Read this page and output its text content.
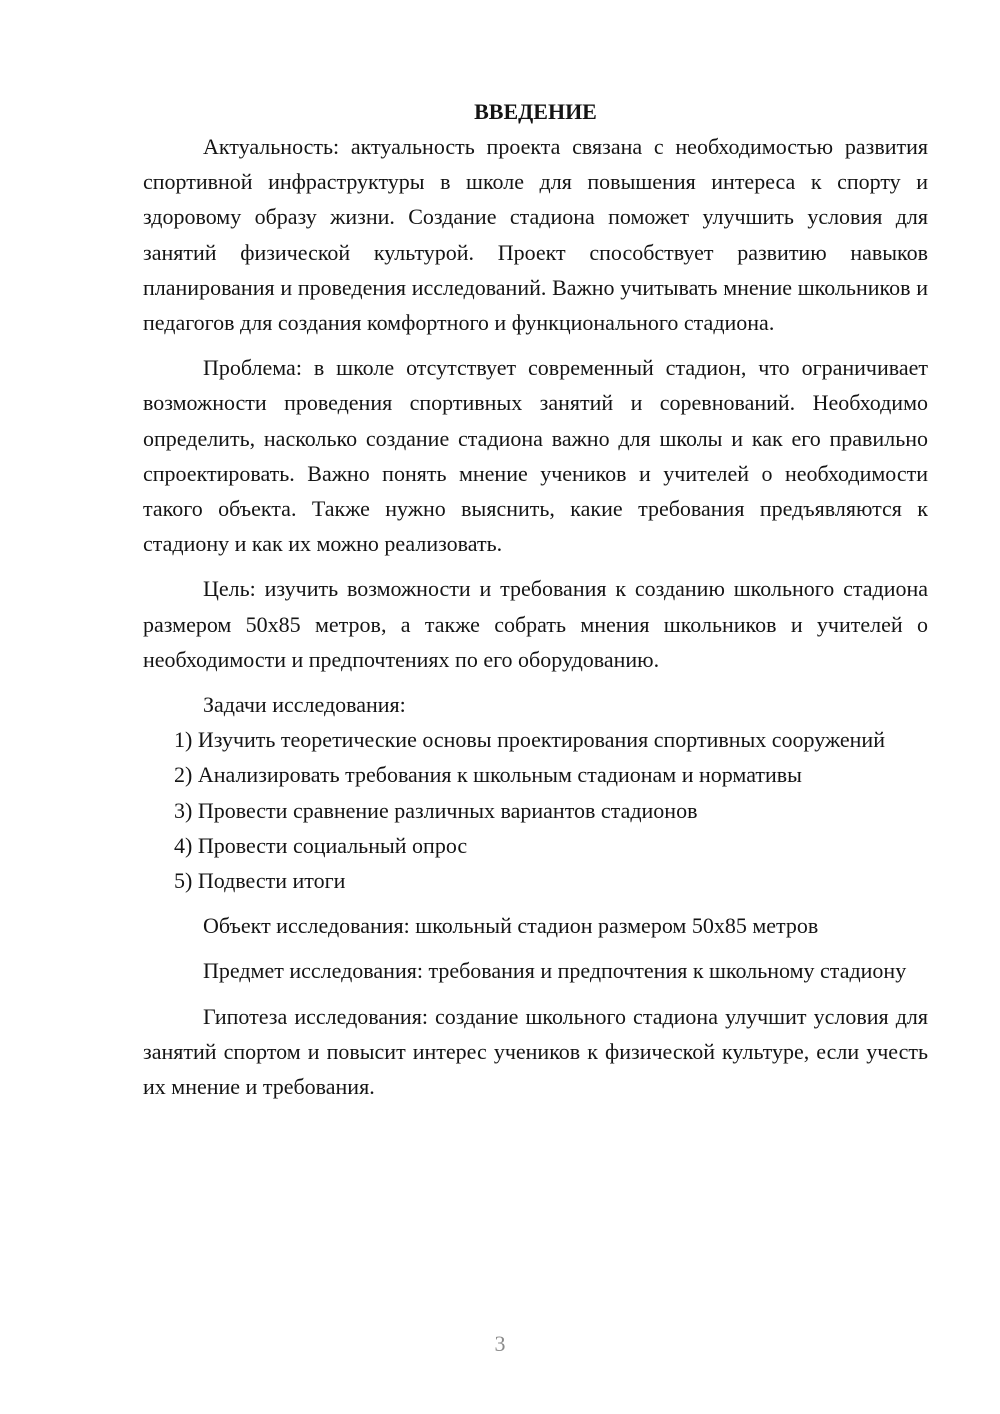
ВВЕДЕНИЕ

Актуальность: актуальность проекта связана с необходимостью развития спортивной инфраструктуры в школе для повышения интереса к спорту и здоровому образу жизни. Создание стадиона поможет улучшить условия для занятий физической культурой. Проект способствует развитию навыков планирования и проведения исследований. Важно учитывать мнение школьников и педагогов для создания комфортного и функционального стадиона.

Проблема: в школе отсутствует современный стадион, что ограничивает возможности проведения спортивных занятий и соревнований. Необходимо определить, насколько создание стадиона важно для школы и как его правильно спроектировать. Важно понять мнение учеников и учителей о необходимости такого объекта. Также нужно выяснить, какие требования предъявляются к стадиону и как их можно реализовать.

Цель: изучить возможности и требования к созданию школьного стадиона размером 50х85 метров, а также собрать мнения школьников и учителей о необходимости и предпочтениях по его оборудованию.

Задачи исследования:

1) Изучить теоретические основы проектирования спортивных сооружений

2) Анализировать требования к школьным стадионам и нормативы

3) Провести сравнение различных вариантов стадионов

4) Провести социальный опрос

5) Подвести итоги

Объект исследования: школьный стадион размером 50х85 метров

Предмет исследования: требования и предпочтения к школьному стадиону

Гипотеза исследования: создание школьного стадиона улучшит условия для занятий спортом и повысит интерес учеников к физической культуре, если учесть их мнение и требования.

3
